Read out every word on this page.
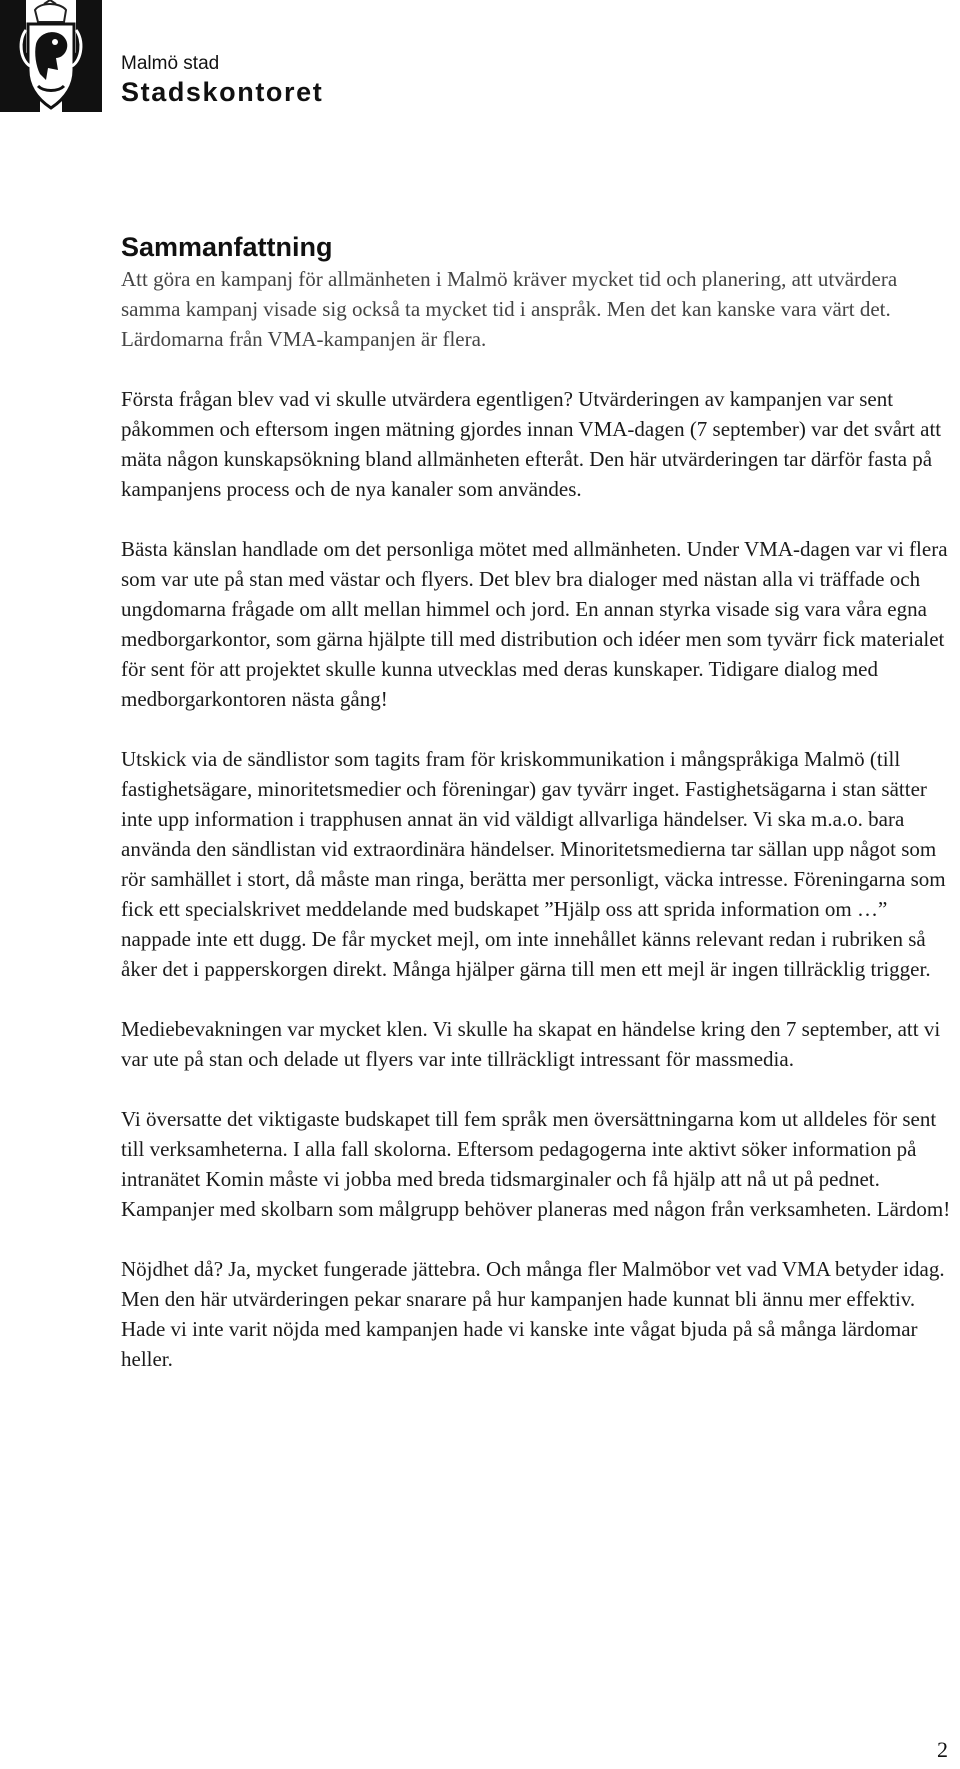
Malmö stad
Stadskontoret
Sammanfattning

Att göra en kampanj för allmänheten i Malmö kräver mycket tid och planering, att utvärdera samma kampanj visade sig också ta mycket tid i anspråk. Men det kan kanske vara värt det. Lärdomarna från VMA-kampanjen är flera.

Första frågan blev vad vi skulle utvärdera egentligen? Utvärderingen av kampanjen var sent påkommen och eftersom ingen mätning gjordes innan VMA-dagen (7 september) var det svårt att mäta någon kunskapsökning bland allmänheten efteråt. Den här utvärderingen tar därför fasta på kampanjens process och de nya kanaler som användes.

Bästa känslan handlade om det personliga mötet med allmänheten. Under VMA-dagen var vi flera som var ute på stan med västar och flyers. Det blev bra dialoger med nästan alla vi träffade och ungdomarna frågade om allt mellan himmel och jord. En annan styrka visade sig vara våra egna medborgarkontor, som gärna hjälpte till med distribution och idéer men som tyvärr fick materialet för sent för att projektet skulle kunna utvecklas med deras kunskaper. Tidigare dialog med medborgarkontoren nästa gång!

Utskick via de sändlistor som tagits fram för kriskommunikation i mångspråkiga Malmö (till fastighetsägare, minoritetsmedier och föreningar) gav tyvärr inget. Fastighetsägarna i stan sätter inte upp information i trapphusen annat än vid väldigt allvarliga händelser. Vi ska m.a.o. bara använda den sändlistan vid extraordinära händelser. Minoritetsmedierna tar sällan upp något som rör samhället i stort, då måste man ringa, berätta mer personligt, väcka intresse. Föreningarna som fick ett specialskrivet meddelande med budskapet ”Hjälp oss att sprida information om …” nappade inte ett dugg. De får mycket mejl, om inte innehållet känns relevant redan i rubriken så åker det i papperskorgen direkt. Många hjälper gärna till men ett mejl är ingen tillräcklig trigger.

Mediebevakningen var mycket klen. Vi skulle ha skapat en händelse kring den 7 september, att vi var ute på stan och delade ut flyers var inte tillräckligt intressant för massmedia.

Vi översatte det viktigaste budskapet till fem språk men översättningarna kom ut alldeles för sent till verksamheterna. I alla fall skolorna. Eftersom pedagogerna inte aktivt söker information på intranätet Komin måste vi jobba med breda tidsmarginaler och få hjälp att nå ut på pednet. Kampanjer med skolbarn som målgrupp behöver planeras med någon från verksamheten. Lärdom!

Nöjdhet då? Ja, mycket fungerade jättebra. Och många fler Malmöbor vet vad VMA betyder idag. Men den här utvärderingen pekar snarare på hur kampanjen hade kunnat bli ännu mer effektiv. Hade vi inte varit nöjda med kampanjen hade vi kanske inte vågat bjuda på så många lärdomar heller.

2
